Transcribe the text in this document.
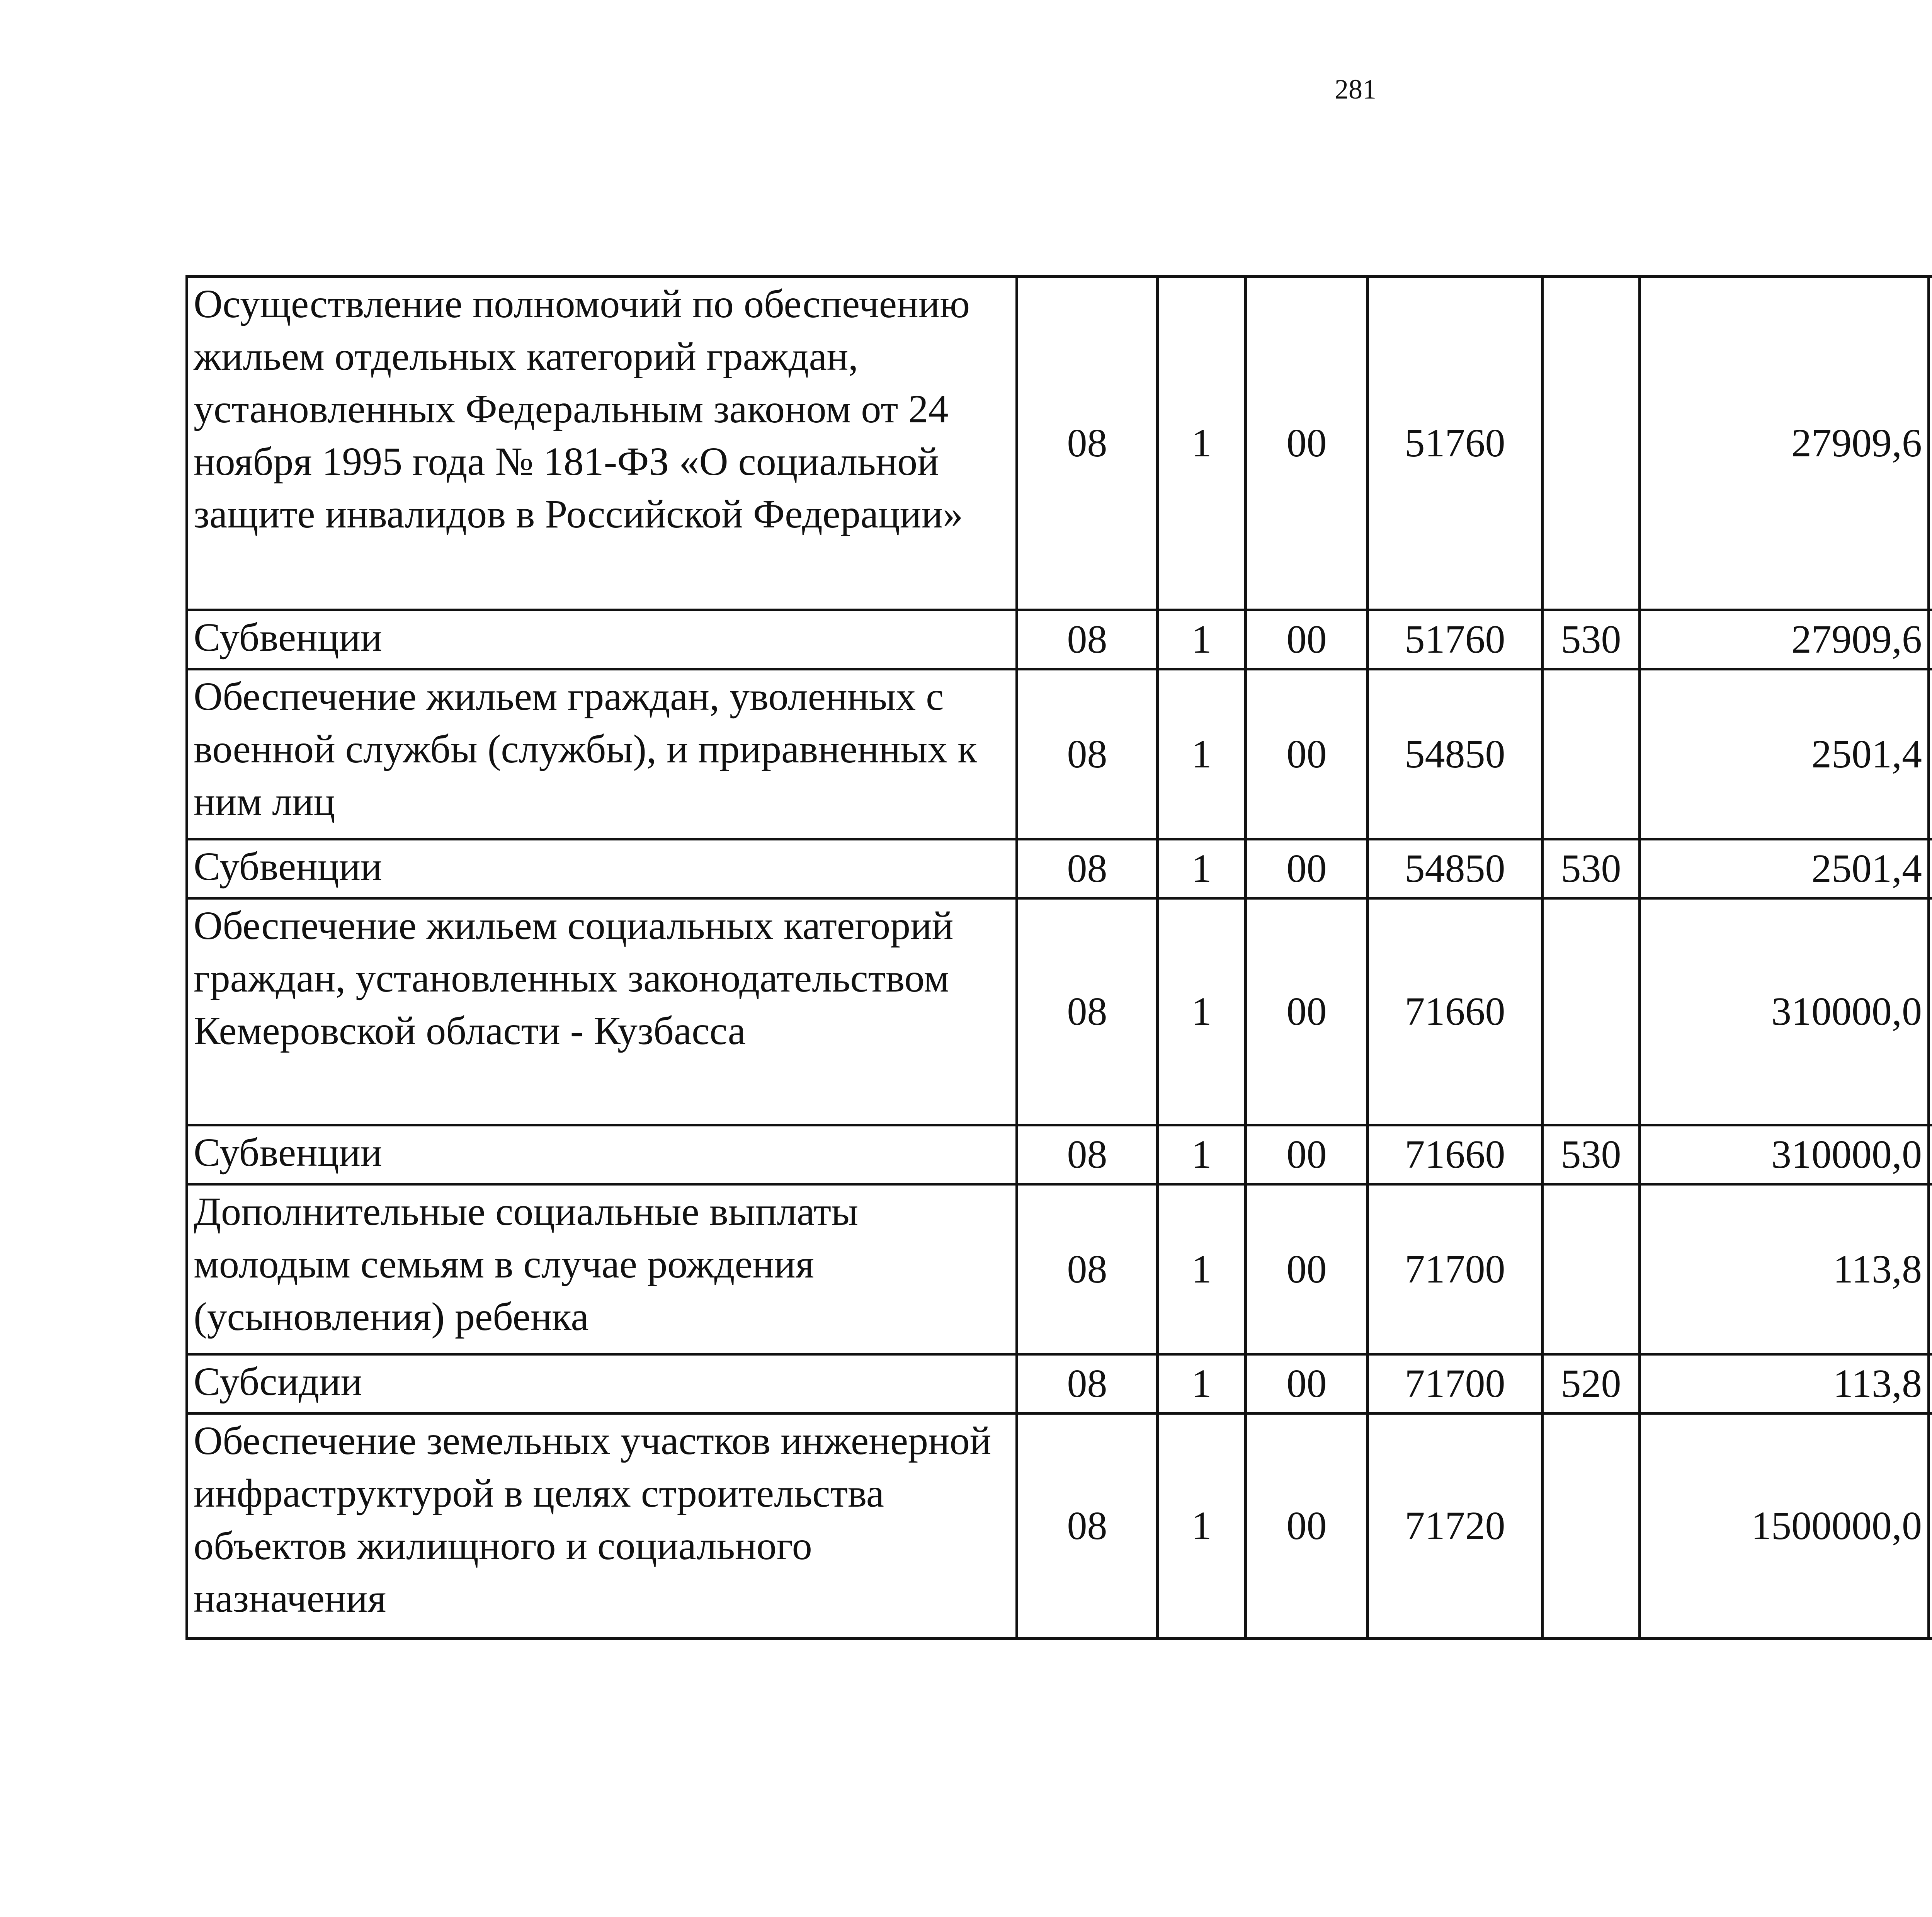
281
Осуществление полномочий по обеспечению жильем отдельных категорий граждан, установленных Федеральным законом от 24 ноября 1995 года № 181-ФЗ «О социальной защите инвалидов в Российской Федерации»	08	1	00	51760		27909,6		
Субвенции	08	1	00	51760	530	27909,6		
Обеспечение жильем граждан, уволенных с военной службы (службы), и приравненных к ним лиц	08	1	00	54850		2501,4		
Субвенции	08	1	00	54850	530	2501,4		
Обеспечение жильем социальных категорий граждан, установленных законодательством Кемеровской области - Кузбасса	08	1	00	71660		310000,0		
Субвенции	08	1	00	71660	530	310000,0		
Дополнительные социальные выплаты молодым семьям в случае рождения (усыновления) ребенка	08	1	00	71700		113,8		
Субсидии	08	1	00	71700	520	113,8		
Обеспечение земельных участков инженерной инфраструктурой в целях строительства объектов жилищного и социального назначения	08	1	00	71720		1500000,0		
